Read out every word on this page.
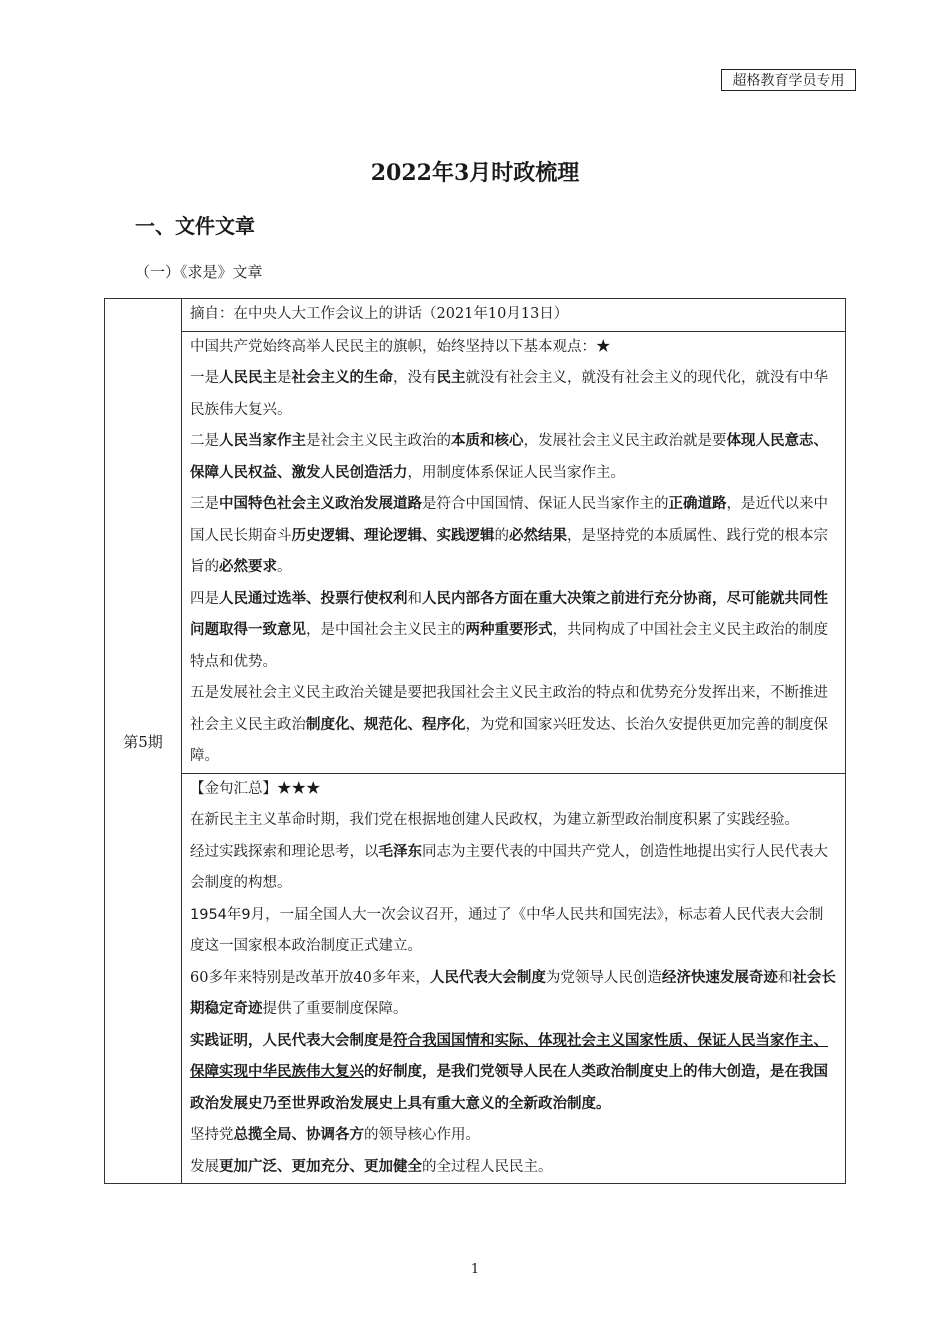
超格教育学员专用
2022年3月时政梳理
一、文件文章
（一）《求是》文章
第5期	

摘自：在中央人大工作会议上的讲话（2021年10月13日）

中国共产党始终高举人民民主的旗帜，始终坚持以下基本观点：★

一是人民民主是社会主义的生命，没有民主就没有社会主义，就没有社会主义的现代化，就没有中华民族伟大复兴。

二是人民当家作主是社会主义民主政治的本质和核心，发展社会主义民主政治就是要体现人民意志、保障人民权益、激发人民创造活力，用制度体系保证人民当家作主。

三是中国特色社会主义政治发展道路是符合中国国情、保证人民当家作主的正确道路，是近代以来中国人民长期奋斗历史逻辑、理论逻辑、实践逻辑的必然结果，是坚持党的本质属性、践行党的根本宗旨的必然要求。

四是人民通过选举、投票行使权利和人民内部各方面在重大决策之前进行充分协商，尽可能就共同性问题取得一致意见，是中国社会主义民主的两种重要形式，共同构成了中国社会主义民主政治的制度特点和优势。

五是发展社会主义民主政治关键是要把我国社会主义民主政治的特点和优势充分发挥出来，不断推进社会主义民主政治制度化、规范化、程序化，为党和国家兴旺发达、长治久安提供更加完善的制度保障。

【金句汇总】★★★

在新民主主义革命时期，我们党在根据地创建人民政权，为建立新型政治制度积累了实践经验。

经过实践探索和理论思考，以毛泽东同志为主要代表的中国共产党人，创造性地提出实行人民代表大会制度的构想。

1954年9月，一届全国人大一次会议召开，通过了《中华人民共和国宪法》，标志着人民代表大会制度这一国家根本政治制度正式建立。

60多年来特别是改革开放40多年来，人民代表大会制度为党领导人民创造经济快速发展奇迹和社会长期稳定奇迹提供了重要制度保障。

实践证明，人民代表大会制度是符合我国国情和实际、体现社会主义国家性质、保证人民当家作主、保障实现中华民族伟大复兴的好制度，是我们党领导人民在人类政治制度史上的伟大创造，是在我国政治发展史乃至世界政治发展史上具有重大意义的全新政治制度。

坚持党总揽全局、协调各方的领导核心作用。

发展更加广泛、更加充分、更加健全的全过程人民民主。

1
